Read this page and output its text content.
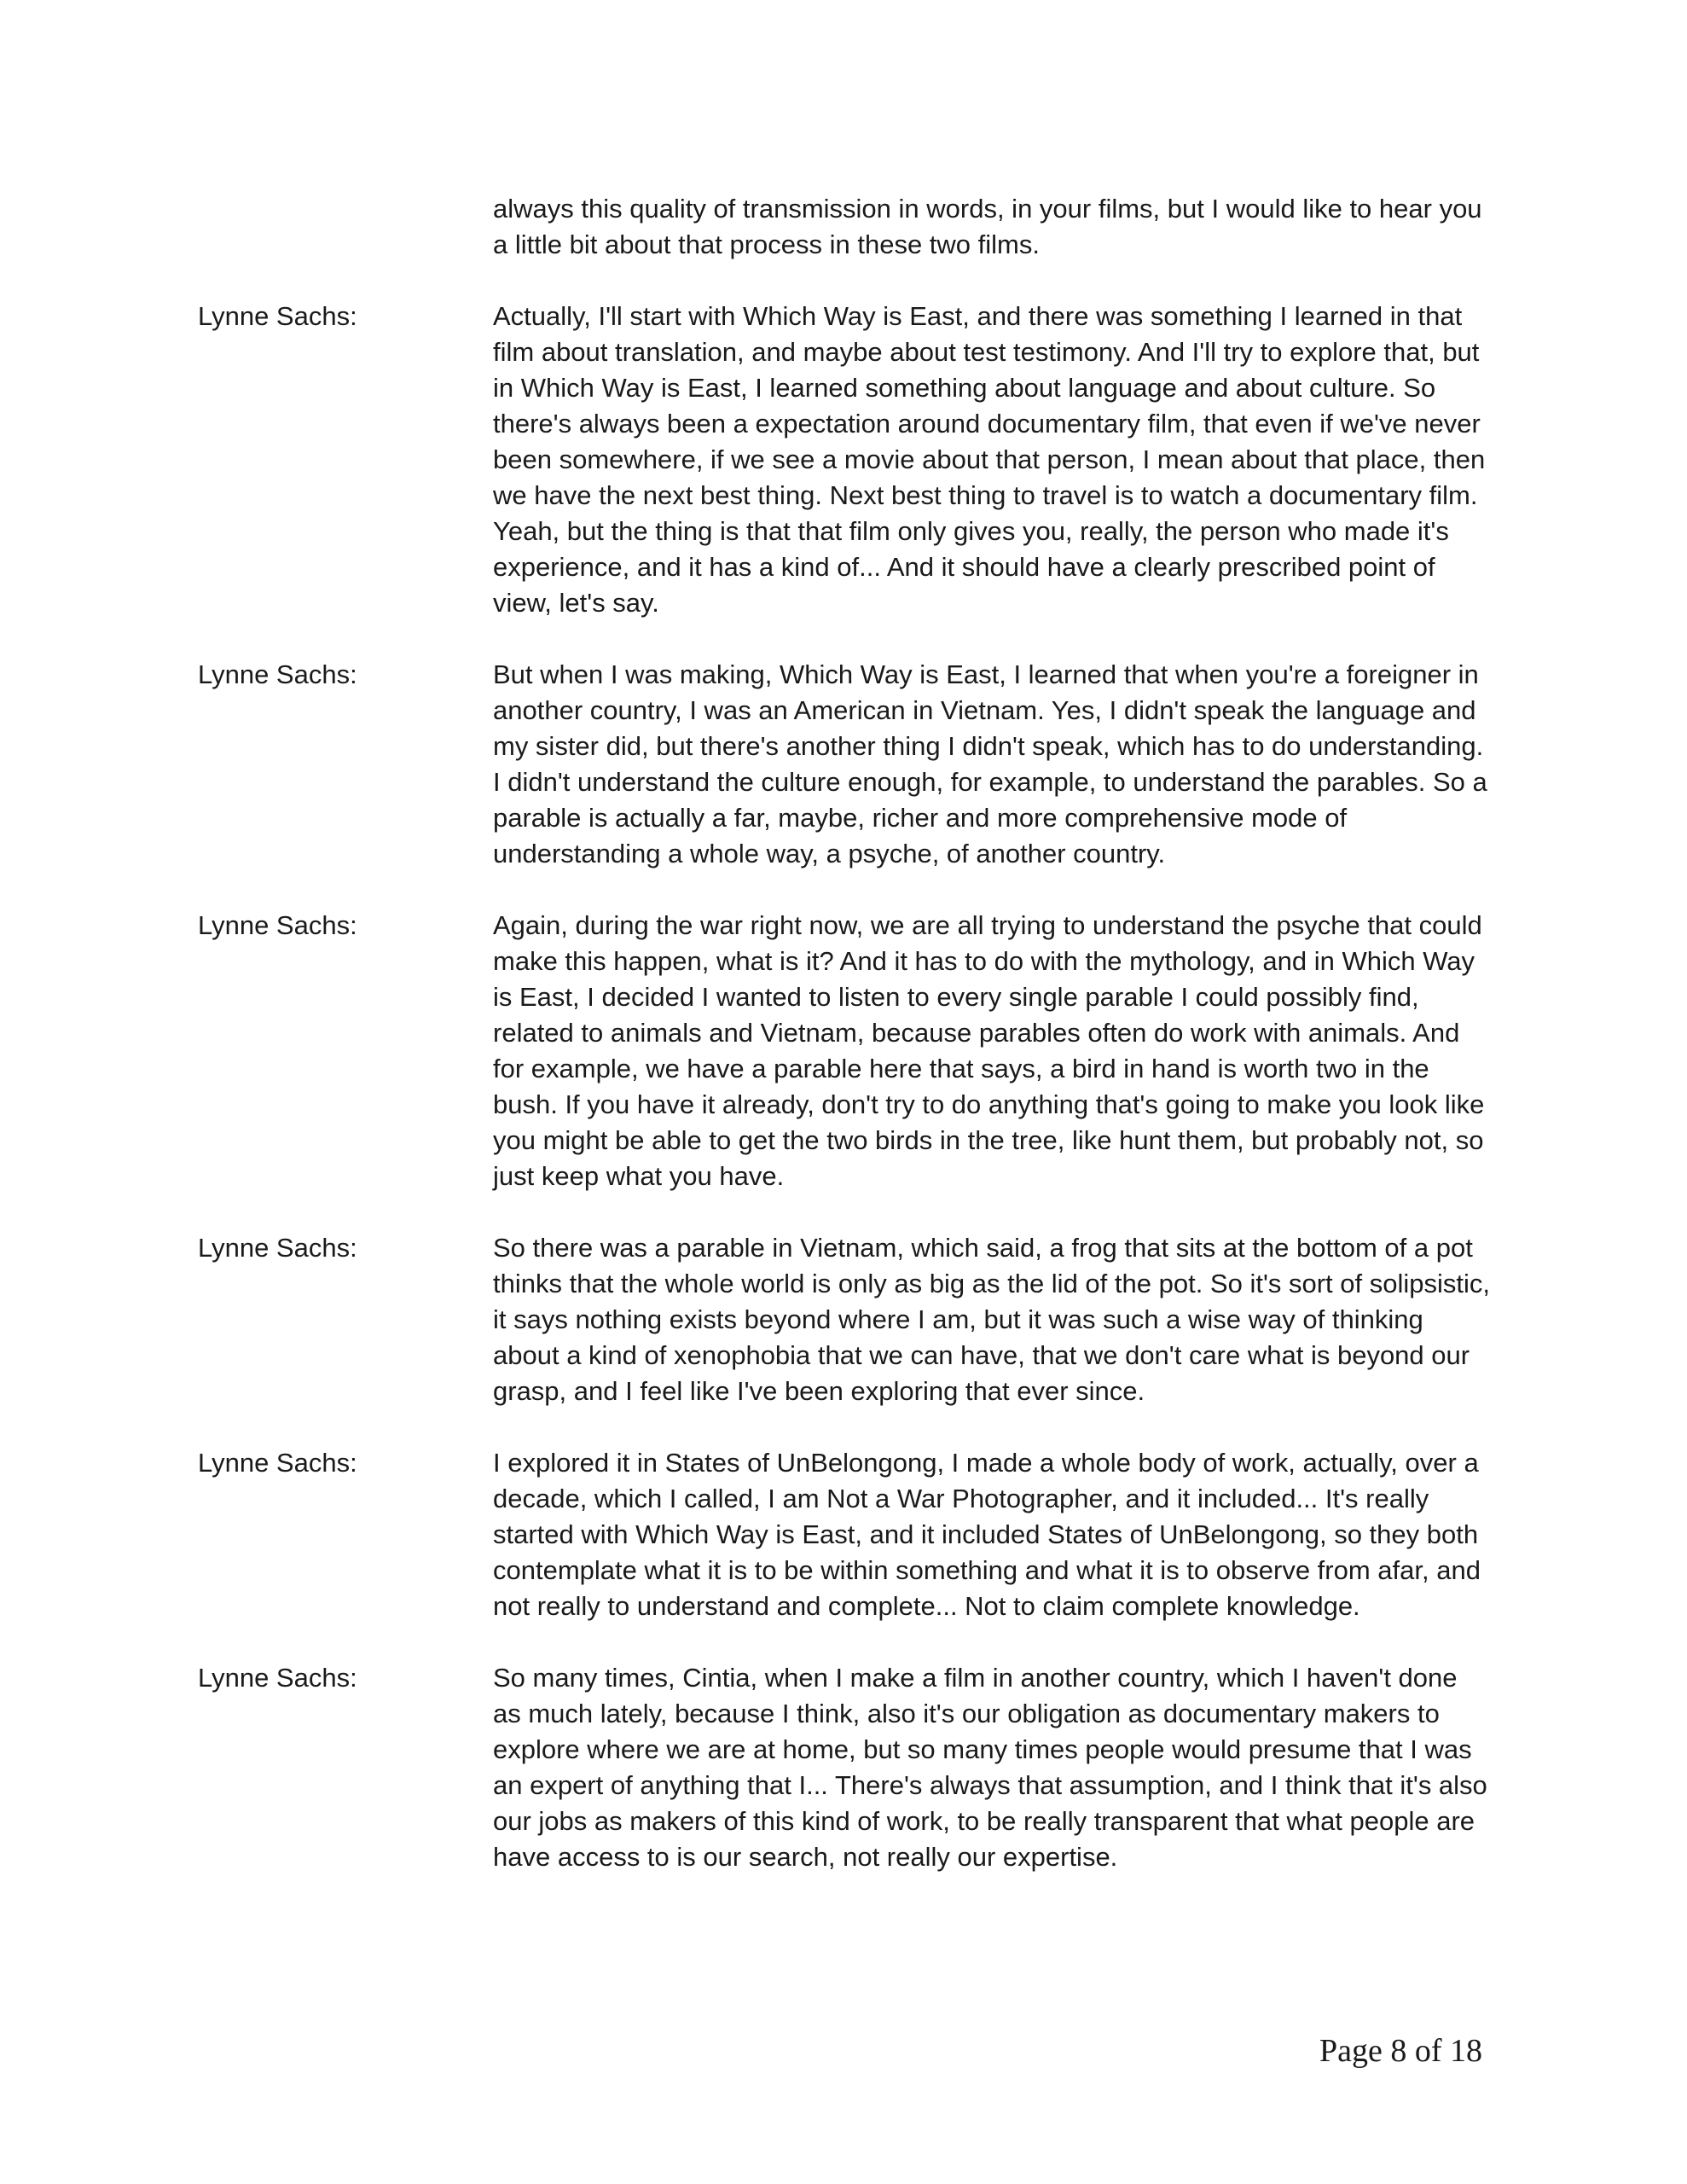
always this quality of transmission in words, in your films, but I would like to hear you a little bit about that process in these two films.
Lynne Sachs:	Actually, I'll start with Which Way is East, and there was something I learned in that film about translation, and maybe about test testimony. And I'll try to explore that, but in Which Way is East, I learned something about language and about culture. So there's always been a expectation around documentary film, that even if we've never been somewhere, if we see a movie about that person, I mean about that place, then we have the next best thing. Next best thing to travel is to watch a documentary film. Yeah, but the thing is that that film only gives you, really, the person who made it's experience, and it has a kind of... And it should have a clearly prescribed point of view, let's say.
Lynne Sachs:	But when I was making, Which Way is East, I learned that when you're a foreigner in another country, I was an American in Vietnam. Yes, I didn't speak the language and my sister did, but there's another thing I didn't speak, which has to do understanding. I didn't understand the culture enough, for example, to understand the parables. So a parable is actually a far, maybe, richer and more comprehensive mode of understanding a whole way, a psyche, of another country.
Lynne Sachs:	Again, during the war right now, we are all trying to understand the psyche that could make this happen, what is it? And it has to do with the mythology, and in Which Way is East, I decided I wanted to listen to every single parable I could possibly find, related to animals and Vietnam, because parables often do work with animals. And for example, we have a parable here that says, a bird in hand is worth two in the bush. If you have it already, don't try to do anything that's going to make you look like you might be able to get the two birds in the tree, like hunt them, but probably not, so just keep what you have.
Lynne Sachs:	So there was a parable in Vietnam, which said, a frog that sits at the bottom of a pot thinks that the whole world is only as big as the lid of the pot. So it's sort of solipsistic, it says nothing exists beyond where I am, but it was such a wise way of thinking about a kind of xenophobia that we can have, that we don't care what is beyond our grasp, and I feel like I've been exploring that ever since.
Lynne Sachs:	I explored it in States of UnBelongong, I made a whole body of work, actually, over a decade, which I called, I am Not a War Photographer, and it included... It's really started with Which Way is East, and it included States of UnBelongong, so they both contemplate what it is to be within something and what it is to observe from afar, and not really to understand and complete... Not to claim complete knowledge.
Lynne Sachs:	So many times, Cintia, when I make a film in another country, which I haven't done as much lately, because I think, also it's our obligation as documentary makers to explore where we are at home, but so many times people would presume that I was an expert of anything that I... There's always that assumption, and I think that it's also our jobs as makers of this kind of work, to be really transparent that what people are have access to is our search, not really our expertise.
Page 8 of 18
